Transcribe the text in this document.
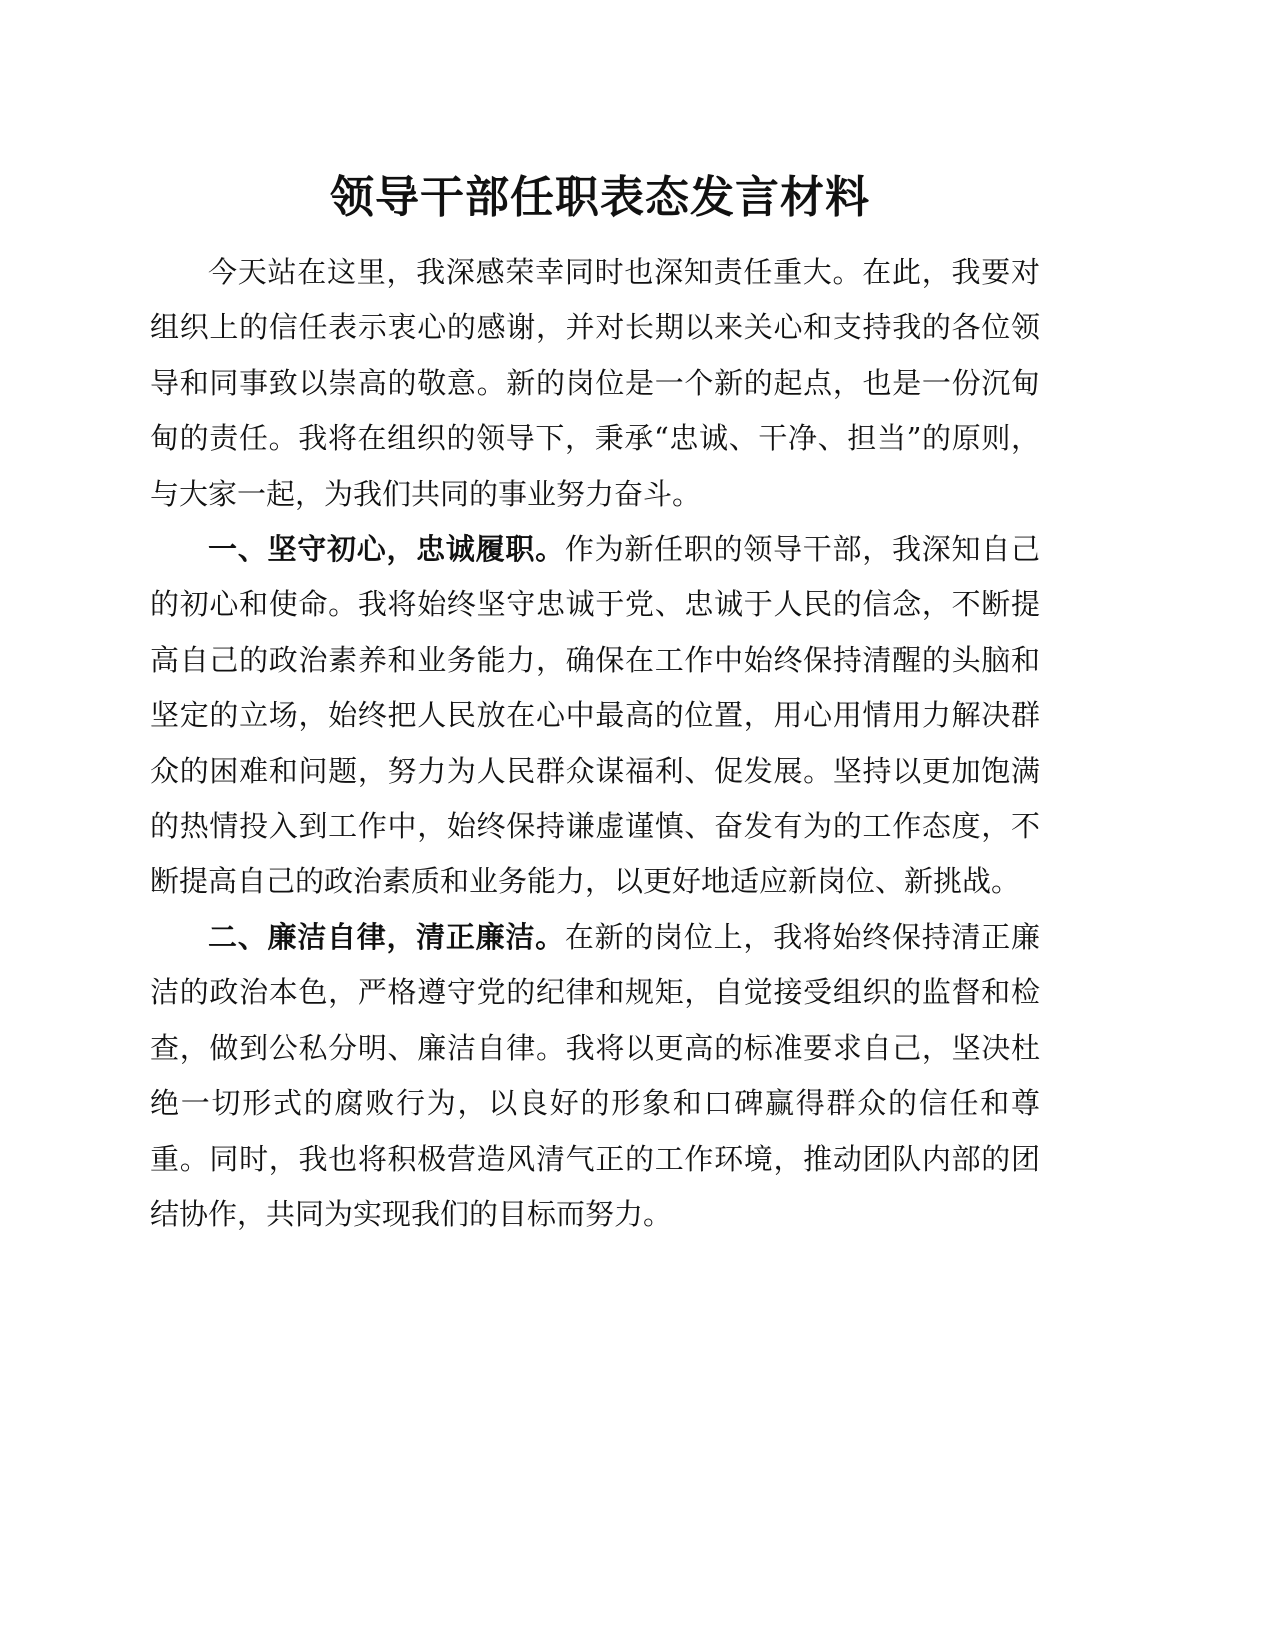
领导干部任职表态发言材料

今天站在这里，我深感荣幸同时也深知责任重大。在此，我要对组织上的信任表示衷心的感谢，并对长期以来关心和支持我的各位领导和同事致以崇高的敬意。新的岗位是一个新的起点，也是一份沉甸甸的责任。我将在组织的领导下，秉承“忠诚、干净、担当”的原则，与大家一起，为我们共同的事业努力奋斗。

一、坚守初心，忠诚履职。作为新任职的领导干部，我深知自己的初心和使命。我将始终坚守忠诚于党、忠诚于人民的信念，不断提高自己的政治素养和业务能力，确保在工作中始终保持清醒的头脑和坚定的立场，始终把人民放在心中最高的位置，用心用情用力解决群众的困难和问题，努力为人民群众谋福利、促发展。坚持以更加饱满的热情投入到工作中，始终保持谦虚谨慎、奋发有为的工作态度，不断提高自己的政治素质和业务能力，以更好地适应新岗位、新挑战。

二、廉洁自律，清正廉洁。在新的岗位上，我将始终保持清正廉洁的政治本色，严格遵守党的纪律和规矩，自觉接受组织的监督和检查，做到公私分明、廉洁自律。我将以更高的标准要求自己，坚决杜绝一切形式的腐败行为，以良好的形象和口碑赢得群众的信任和尊重。同时，我也将积极营造风清气正的工作环境，推动团队内部的团结协作，共同为实现我们的目标而努力。
